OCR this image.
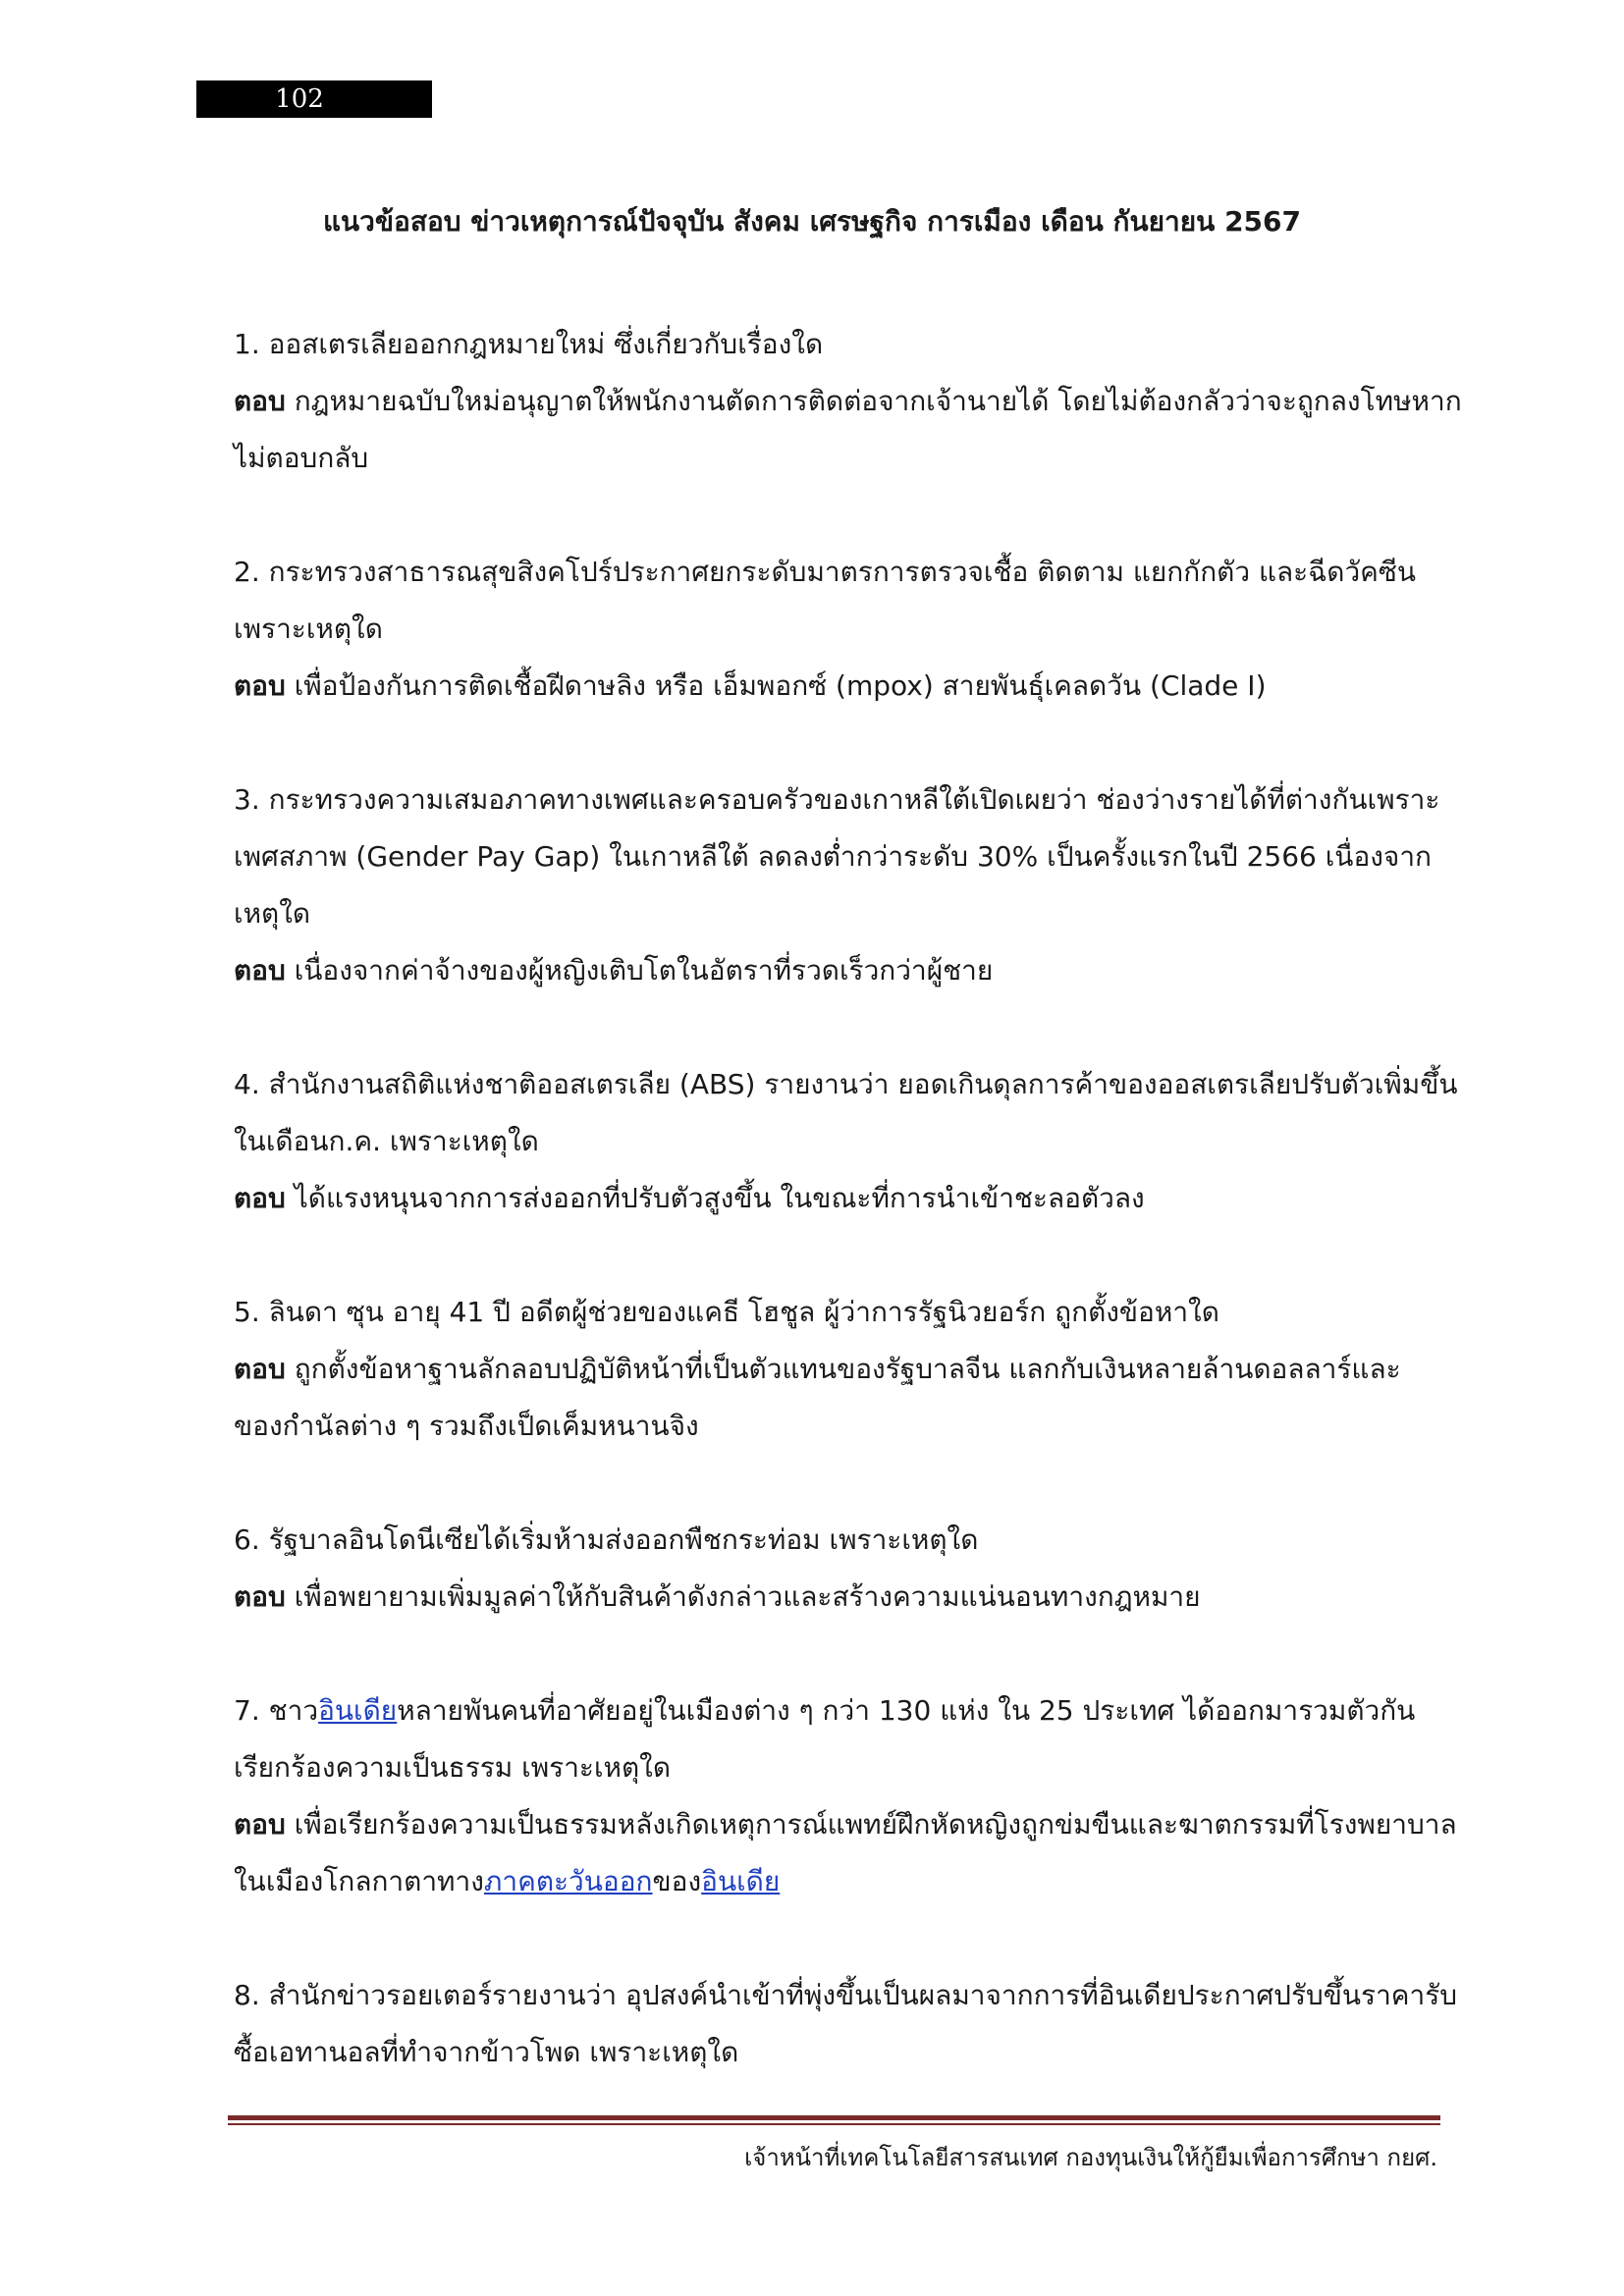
102
แนวข้อสอบ ข่าวเหตุการณ์ปัจจุบัน สังคม เศรษฐกิจ การเมือง เดือน กันยายน 2567
1. ออสเตรเลียออกกฎหมายใหม่ ซึ่งเกี่ยวกับเรื่องใด
ตอบ กฎหมายฉบับใหม่อนุญาตให้พนักงานตัดการติดต่อจากเจ้านายได้ โดยไม่ต้องกลัวว่าจะถูกลงโทษหาก
ไม่ตอบกลับ
2. กระทรวงสาธารณสุขสิงคโปร์ประกาศยกระดับมาตรการตรวจเชื้อ ติดตาม แยกกักตัว และฉีดวัคซีน
เพราะเหตุใด
ตอบ เพื่อป้องกันการติดเชื้อฝีดาษลิง หรือ เอ็มพอกซ์ (mpox) สายพันธุ์เคลดวัน (Clade I)
3. กระทรวงความเสมอภาคทางเพศและครอบครัวของเกาหลีใต้เปิดเผยว่า ช่องว่างรายได้ที่ต่างกันเพราะ
เพศสภาพ (Gender Pay Gap) ในเกาหลีใต้ ลดลงต่ำกว่าระดับ 30% เป็นครั้งแรกในปี 2566 เนื่องจาก
เหตุใด
ตอบ เนื่องจากค่าจ้างของผู้หญิงเติบโตในอัตราที่รวดเร็วกว่าผู้ชาย
4. สำนักงานสถิติแห่งชาติออสเตรเลีย (ABS) รายงานว่า ยอดเกินดุลการค้าของออสเตรเลียปรับตัวเพิ่มขึ้น
ในเดือนก.ค. เพราะเหตุใด
ตอบ ได้แรงหนุนจากการส่งออกที่ปรับตัวสูงขึ้น ในขณะที่การนำเข้าชะลอตัวลง
5. ลินดา ซุน อายุ 41 ปี อดีตผู้ช่วยของแคธี โฮชูล ผู้ว่าการรัฐนิวยอร์ก ถูกตั้งข้อหาใด
ตอบ ถูกตั้งข้อหาฐานลักลอบปฏิบัติหน้าที่เป็นตัวแทนของรัฐบาลจีน แลกกับเงินหลายล้านดอลลาร์และ
ของกำนัลต่าง ๆ รวมถึงเป็ดเค็มหนานจิง
6. รัฐบาลอินโดนีเซียได้เริ่มห้ามส่งออกพืชกระท่อม เพราะเหตุใด
ตอบ เพื่อพยายามเพิ่มมูลค่าให้กับสินค้าดังกล่าวและสร้างความแน่นอนทางกฎหมาย
7. ชาวอินเดียหลายพันคนที่อาศัยอยู่ในเมืองต่าง ๆ กว่า 130 แห่ง ใน 25 ประเทศ ได้ออกมารวมตัวกัน
เรียกร้องความเป็นธรรม เพราะเหตุใด
ตอบ เพื่อเรียกร้องความเป็นธรรมหลังเกิดเหตุการณ์แพทย์ฝึกหัดหญิงถูกข่มขืนและฆาตกรรมที่โรงพยาบาล
ในเมืองโกลกาตาทางภาคตะวันออกของอินเดีย
8. สำนักข่าวรอยเตอร์รายงานว่า อุปสงค์นำเข้าที่พุ่งขึ้นเป็นผลมาจากการที่อินเดียประกาศปรับขึ้นราคารับ
ซื้อเอทานอลที่ทำจากข้าวโพด เพราะเหตุใด
เจ้าหน้าที่เทคโนโลยีสารสนเทศ กองทุนเงินให้กู้ยืมเพื่อการศึกษา กยศ.
